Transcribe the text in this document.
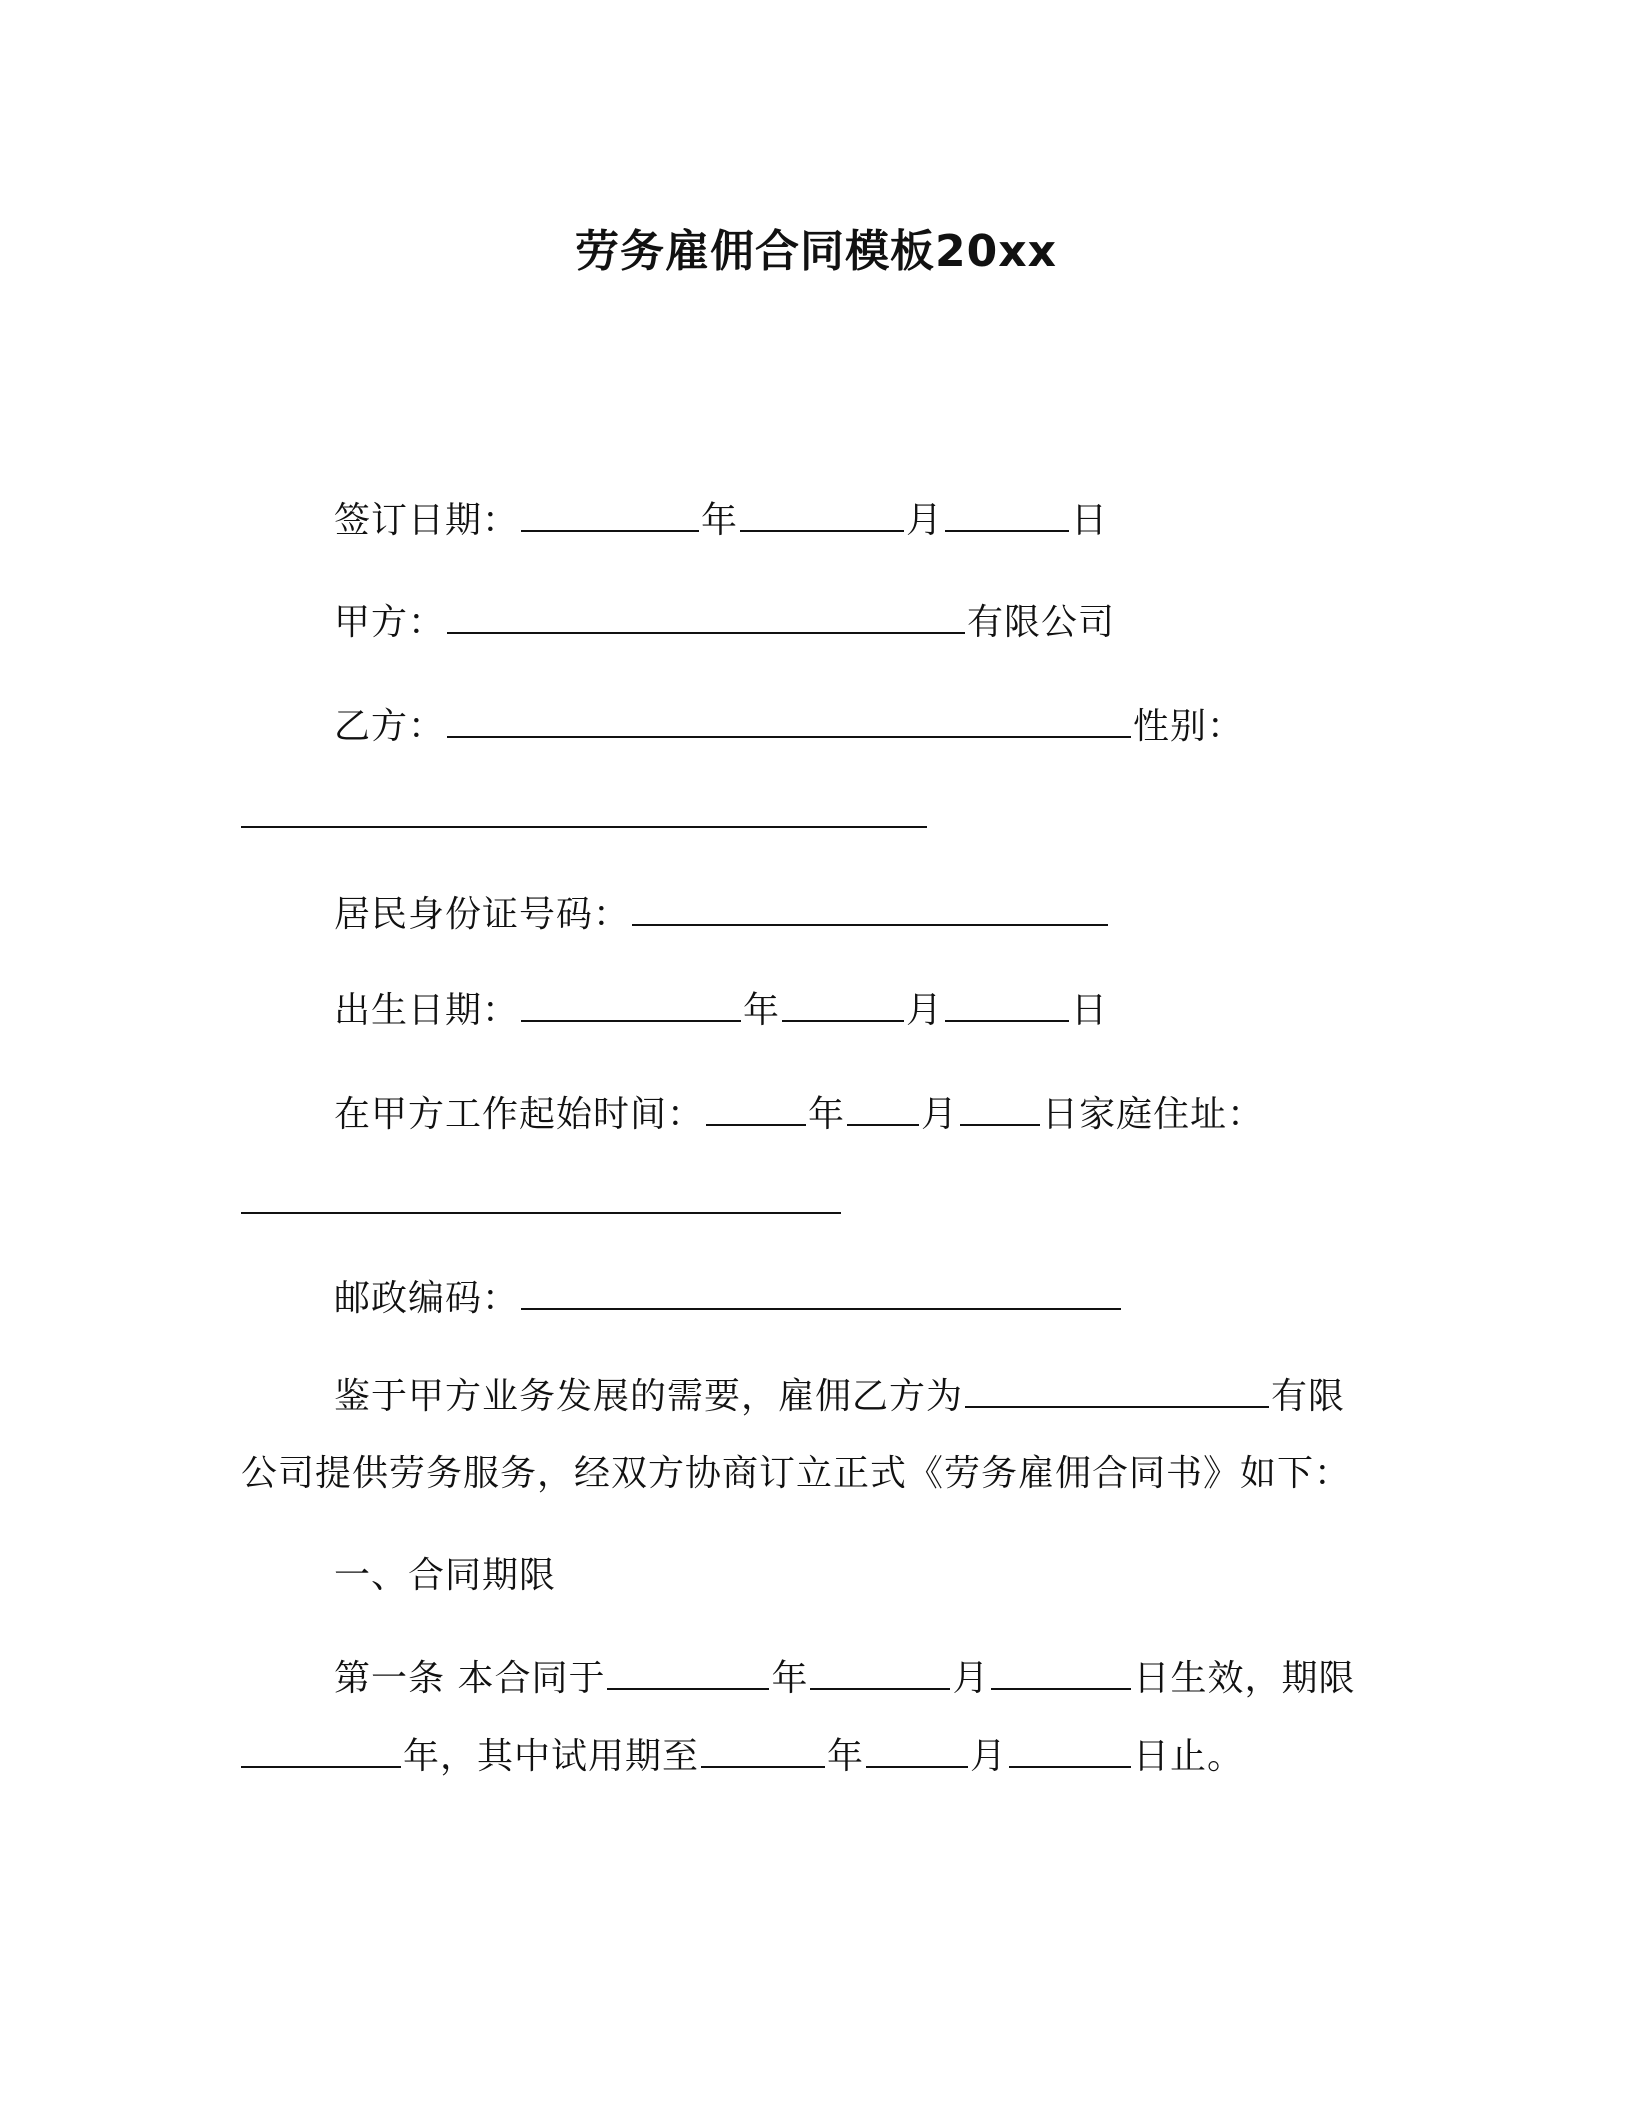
劳务雇佣合同模板20xx
签订日期：	年	月	日
甲方：	有限公司
乙方：	性别：
居民身份证号码：
出生日期：	年	月	日
在甲方工作起始时间：	年 月 日家庭住址：
邮政编码：
鉴于甲方业务发展的需要，雇佣乙方为	有限
公司提供劳务服务，经双方协商订立正式《劳务雇佣合同书》如下：
一、合同期限
第一条 本合同于	年	月	日生效，期限
年，其中试用期至	年	月	日止。
